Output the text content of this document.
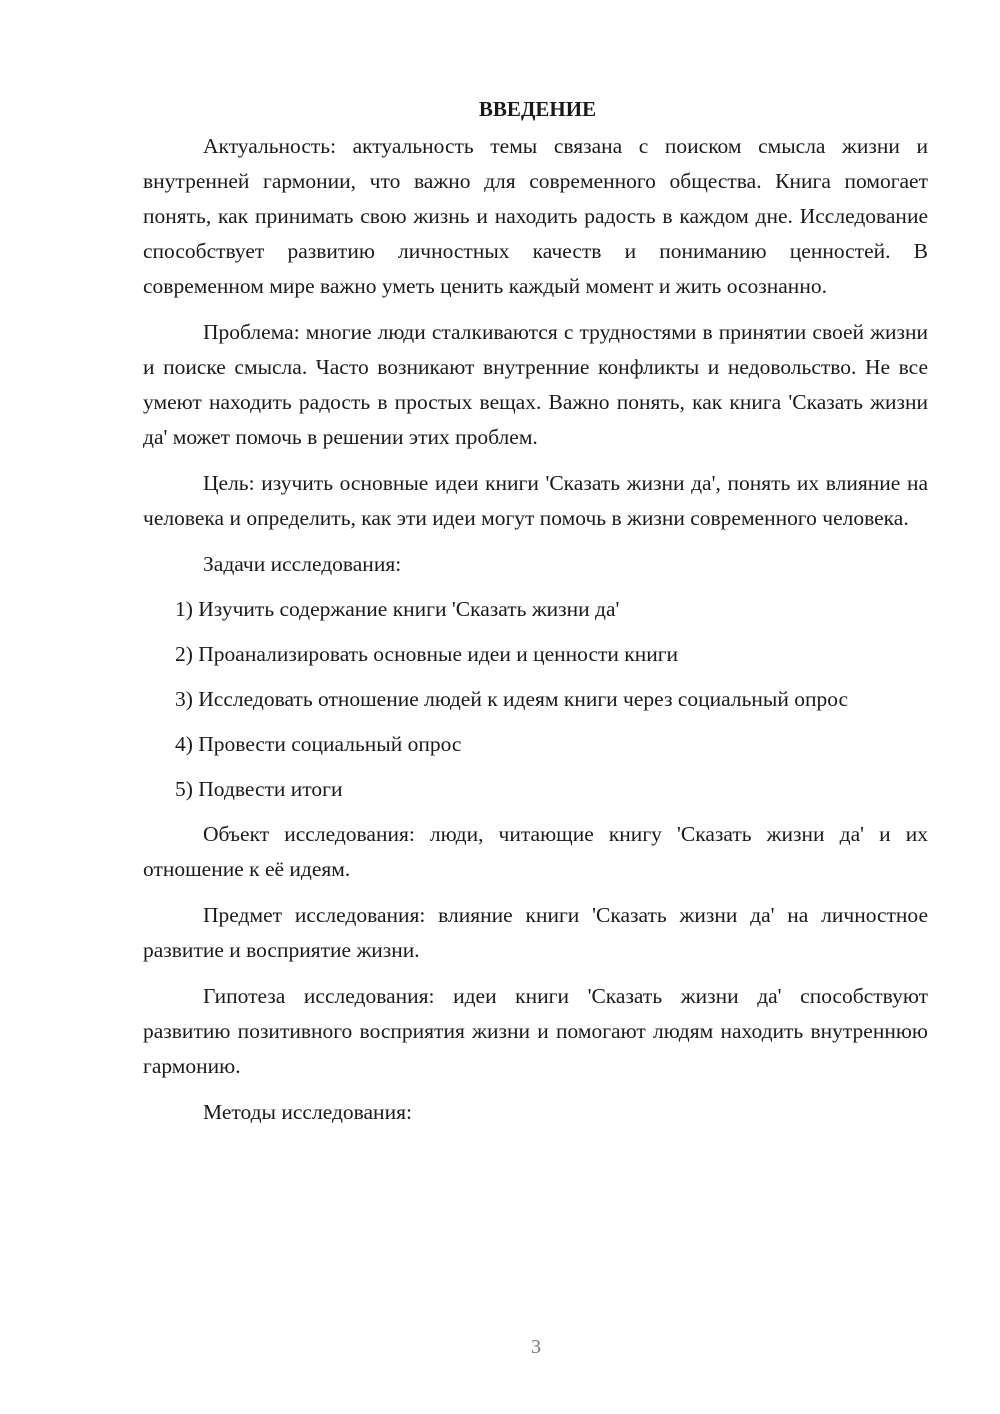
ВВЕДЕНИЕ

Актуальность: актуальность темы связана с поиском смысла жизни и внутренней гармонии, что важно для современного общества. Книга помогает понять, как принимать свою жизнь и находить радость в каждом дне. Исследование способствует развитию личностных качеств и пониманию ценностей. В современном мире важно уметь ценить каждый момент и жить осознанно.

Проблема: многие люди сталкиваются с трудностями в принятии своей жизни и поиске смысла. Часто возникают внутренние конфликты и недовольство. Не все умеют находить радость в простых вещах. Важно понять, как книга 'Сказать жизни да' может помочь в решении этих проблем.

Цель: изучить основные идеи книги 'Сказать жизни да', понять их влияние на человека и определить, как эти идеи могут помочь в жизни современного человека.

Задачи исследования:

1) Изучить содержание книги 'Сказать жизни да'

2) Проанализировать основные идеи и ценности книги

3) Исследовать отношение людей к идеям книги через социальный опрос

4) Провести социальный опрос

5) Подвести итоги

Объект исследования: люди, читающие книгу 'Сказать жизни да' и их отношение к её идеям.

Предмет исследования: влияние книги 'Сказать жизни да' на личностное развитие и восприятие жизни.

Гипотеза исследования: идеи книги 'Сказать жизни да' способствуют развитию позитивного восприятия жизни и помогают людям находить внутреннюю гармонию.

Методы исследования:

3
